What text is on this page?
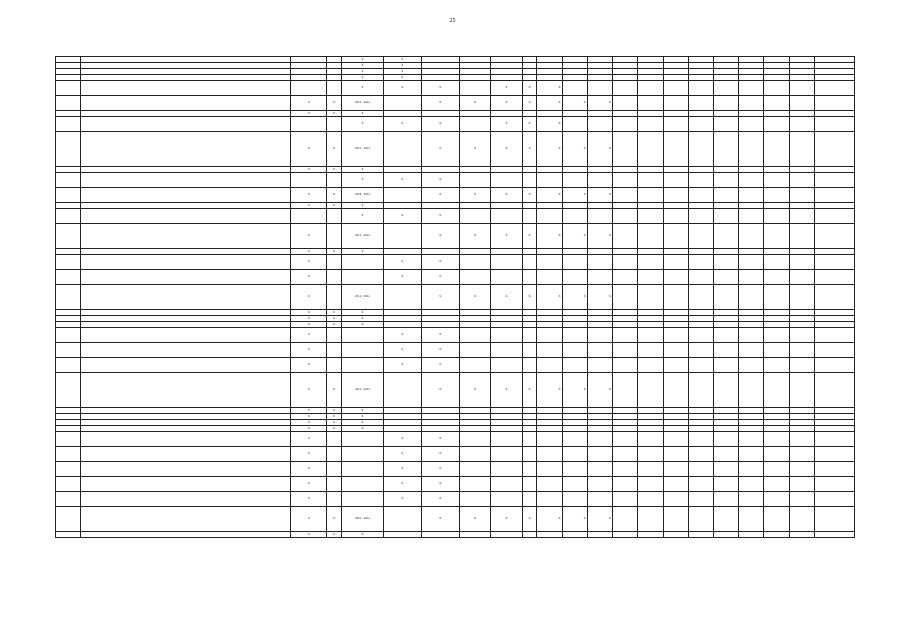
25
				X	X																
				X	X																
				X	X																
				X	X																
				X	X	X		X	X	X											
		X	X	2014 - 2024		X	X	X	X	X	X	X									
		X	X	X																	
				X	X	X		X	X	X											
		X	X	2014 - 2024		X	X	X	X	X	X	X									
		X	X	X																	
				X	X	X															
		X	X	2018 - 2024		X	X	X	X	X	X	X									
		X	X	X																	
				X	X	X															
		X		2014 - 2024		X	X	X	X	X	X	X									
		X	X	X																	
		X			X	X															
		X			X	X															
		X		2014 - 2024		X	X	X	X	X	X	X									
		X	X	X																	
		X	X	X																	
		X	X	X																	
		X			X	X															
		X			X	X															
		X			X	X															
		X	X	2014 - 2024		X	X	X	X	X	X	X									
		X	X	X																	
		X	X	X																	
		X	X	X																	
		X	X	X																	
		X			X	X															
		X			X	X															
		X			X	X															
		X			X	X															
		X			X	X															
		X	X	2019 - 2024		X	X	X	X	X	X	X									
		X	X	X																	
